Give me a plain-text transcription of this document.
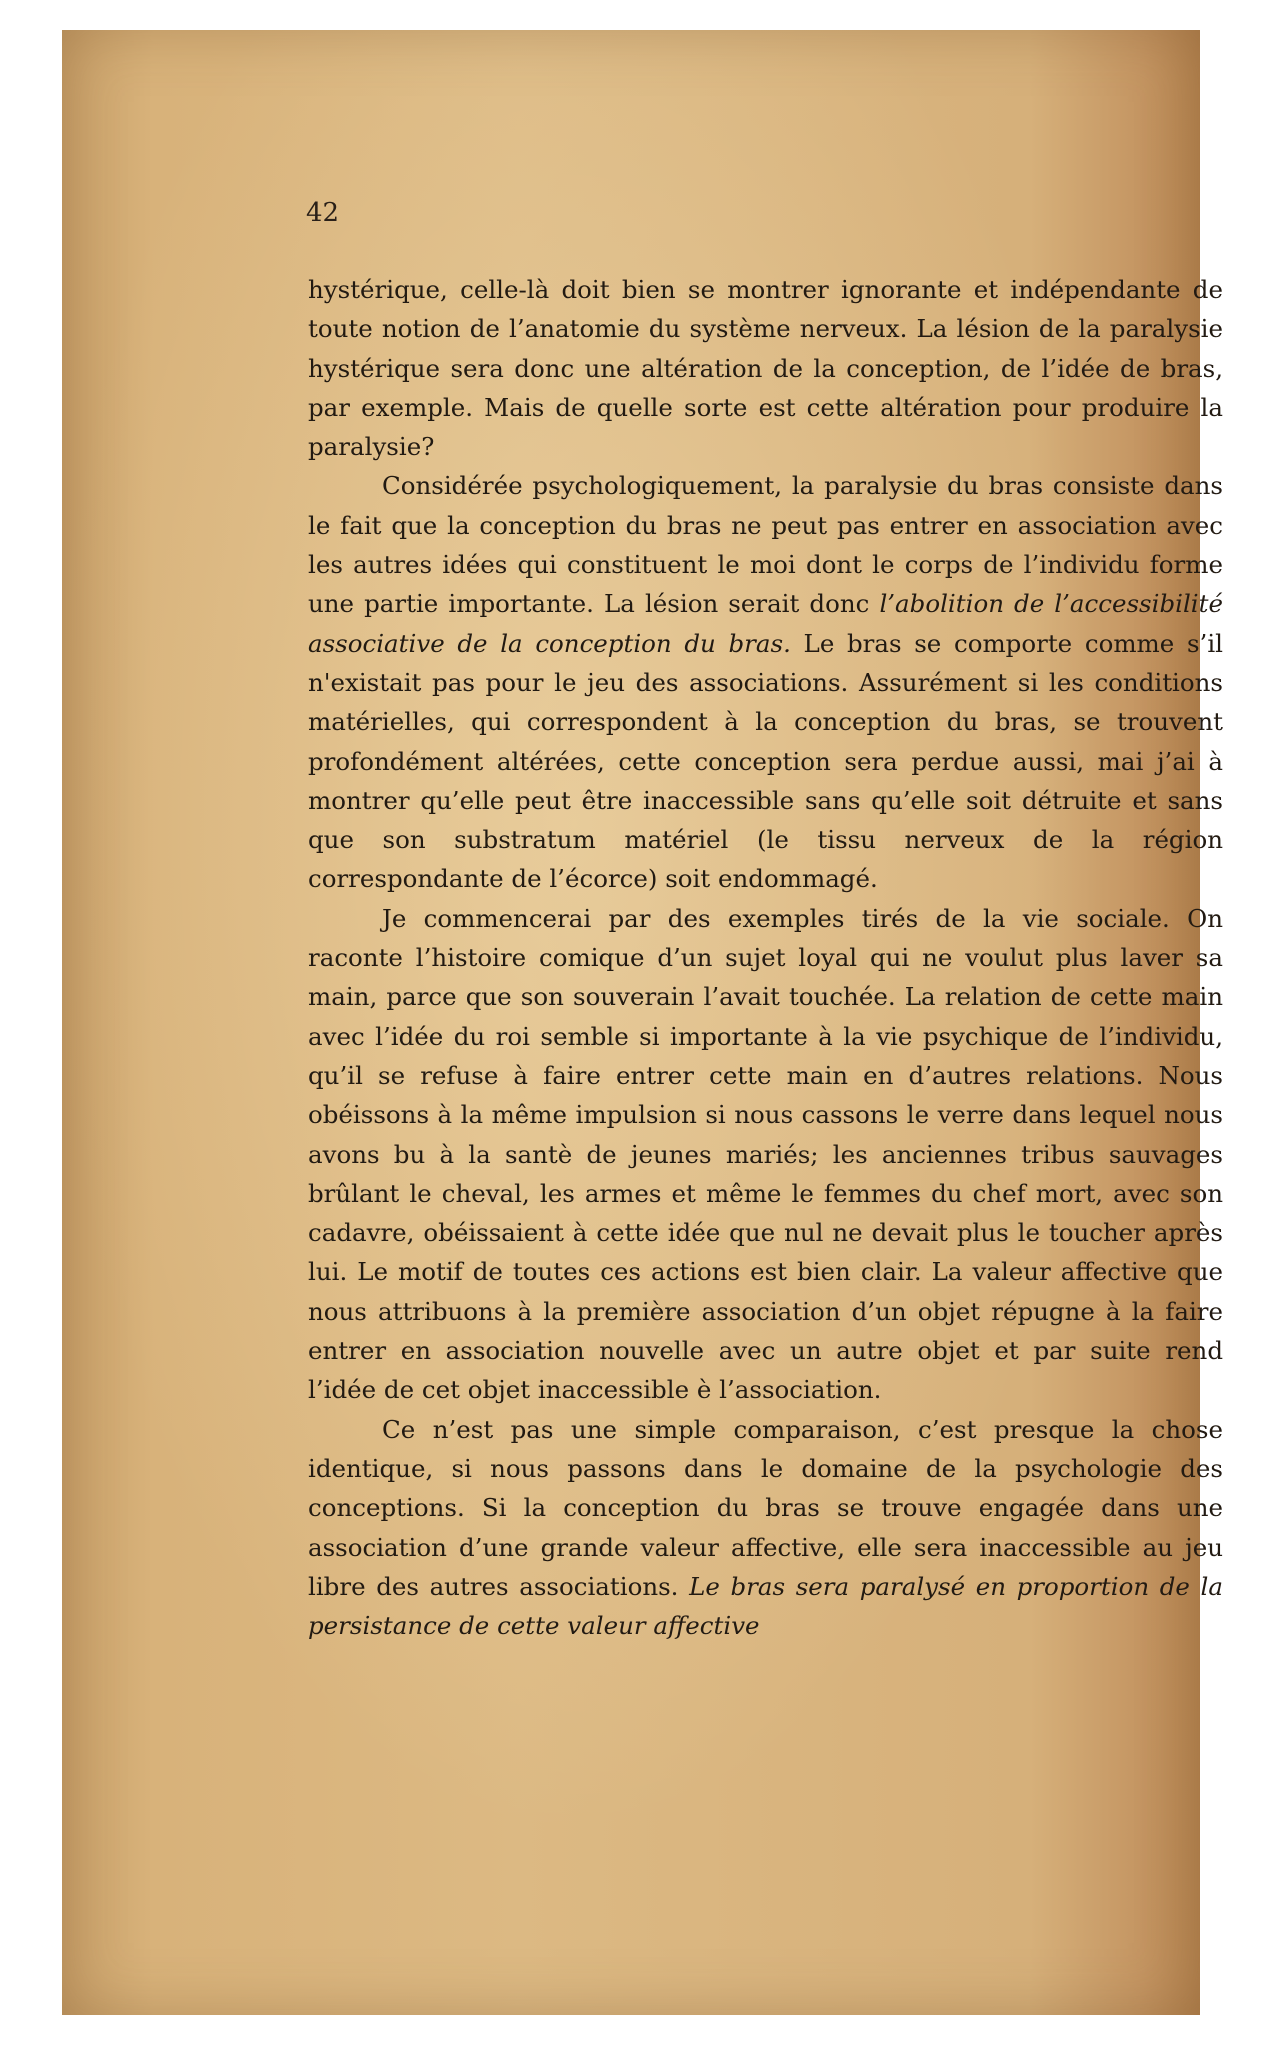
42

hystérique, celle-là doit bien se montrer ignorante et indépendante de toute notion de l’anatomie du système nerveux. La lésion de la paralysie hystérique sera donc une altération de la conception, de l’idée de bras, par exemple. Mais de quelle sorte est cette altération pour produire la paralysie?

Considérée psychologiquement, la paralysie du bras consiste dans le fait que la conception du bras ne peut pas entrer en association avec les autres idées qui constituent le moi dont le corps de l’individu forme une partie importante. La lésion serait donc l’abolition de l’accessibilité associative de la conception du bras. Le bras se comporte comme s’il n'existait pas pour le jeu des associations. Assurément si les conditions matérielles, qui correspondent à la conception du bras, se trouvent profondément altérées, cette conception sera perdue aussi, mai j’ai à montrer qu’elle peut être inaccessible sans qu’elle soit détruite et sans que son substratum matériel (le tissu nerveux de la région correspondante de l’écorce) soit endommagé.

Je commencerai par des exemples tirés de la vie sociale. On raconte l’histoire comique d’un sujet loyal qui ne voulut plus laver sa main, parce que son souverain l’avait touchée. La relation de cette main avec l’idée du roi semble si importante à la vie psychique de l’individu, qu’il se refuse à faire entrer cette main en d’autres relations. Nous obéissons à la même impulsion si nous cassons le verre dans lequel nous avons bu à la santè de jeunes mariés; les anciennes tribus sauvages brûlant le cheval, les armes et même le femmes du chef mort, avec son cadavre, obéissaient à cette idée que nul ne devait plus le toucher après lui. Le motif de toutes ces actions est bien clair. La valeur affective que nous attribuons à la première association d’un objet répugne à la faire entrer en association nouvelle avec un autre objet et par suite rend l’idée de cet objet inaccessible è l’association.

Ce n’est pas une simple comparaison, c’est presque la chose identique, si nous passons dans le domaine de la psychologie des conceptions. Si la conception du bras se trouve engagée dans une association d’une grande valeur affective, elle sera inaccessible au jeu libre des autres associations. Le bras sera paralysé en proportion de la persistance de cette valeur affective
